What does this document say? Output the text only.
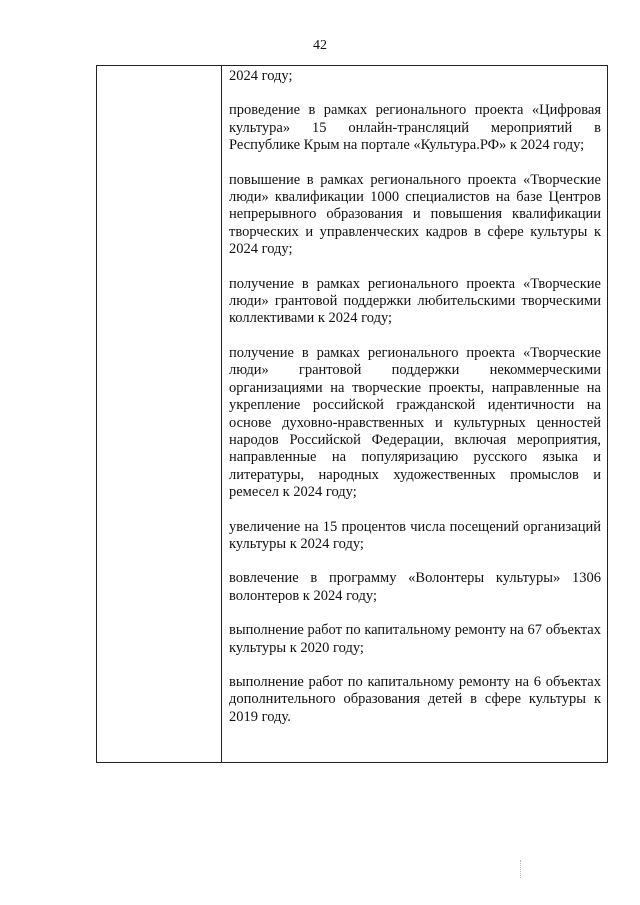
42

2024 году;

проведение в рамках регионального проекта «Цифровая культура» 15 онлайн-трансляций мероприятий в Республике Крым на портале «Культура.РФ» к 2024 году;

повышение в рамках регионального проекта «Творческие люди» квалификации 1000 специалистов на базе Центров непрерывного образования и повышения квалификации творческих и управленческих кадров в сфере культуры к 2024 году;

получение в рамках регионального проекта «Творческие люди» грантовой поддержки любительскими творческими коллективами к 2024 году;

получение в рамках регионального проекта «Творческие люди» грантовой поддержки некоммерческими организациями на творческие проекты, направленные на укрепление российской гражданской идентичности на основе духовно-нравственных и культурных ценностей народов Российской Федерации, включая мероприятия, направленные на популяризацию русского языка и литературы, народных художественных промыслов и ремесел к 2024 году;

увеличение на 15 процентов числа посещений организаций культуры к 2024 году;

вовлечение в программу «Волонтеры культуры» 1306 волонтеров к 2024 году;

выполнение работ по капитальному ремонту на 67 объектах культуры к 2020 году;

выполнение работ по капитальному ремонту на 6 объектах дополнительного образования детей в сфере культуры к 2019 году.
